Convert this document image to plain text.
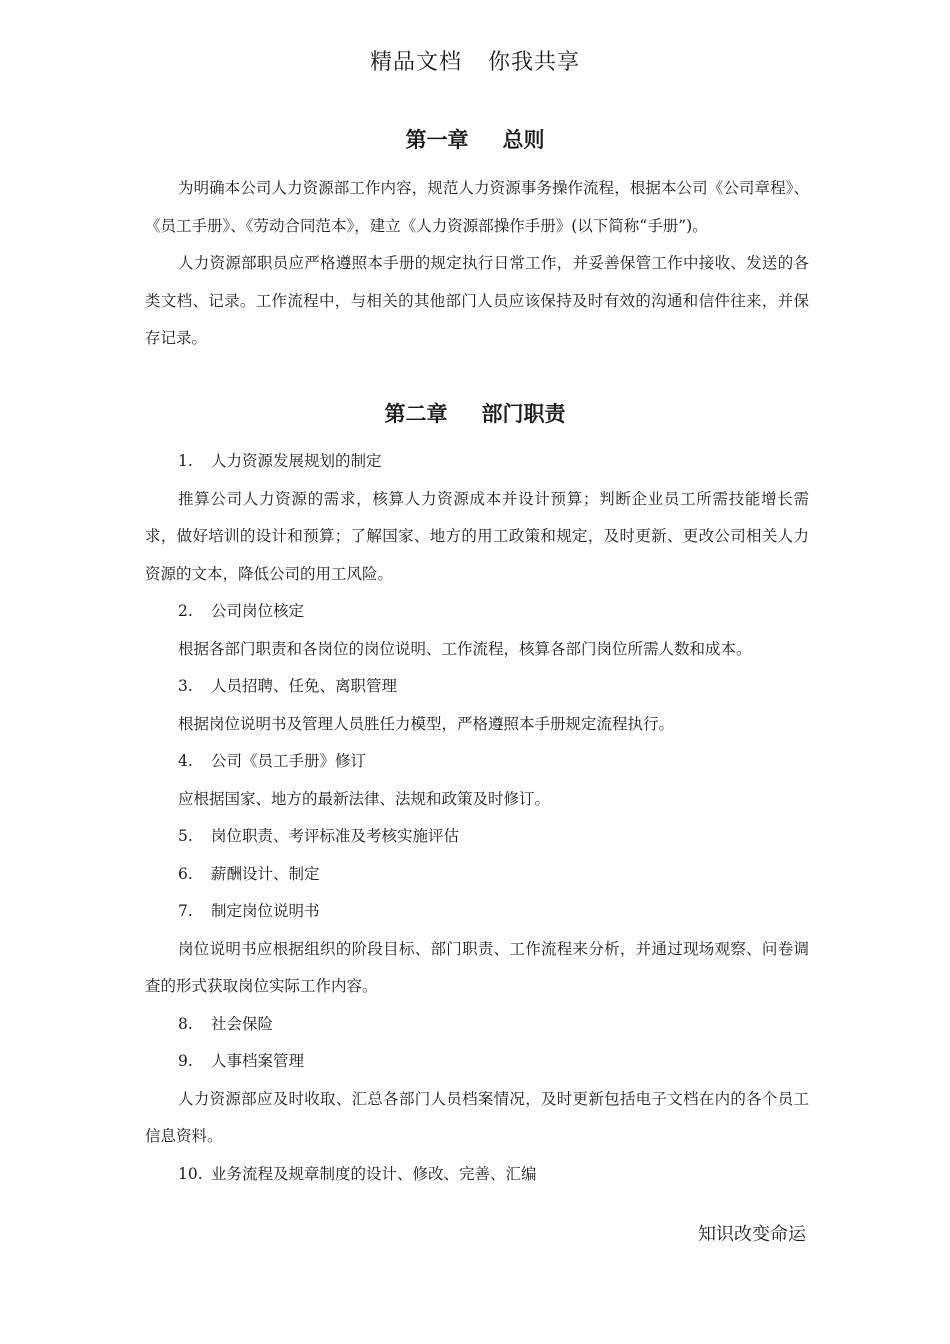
精品文档 你我共享
第一章 总则

为明确本公司人力资源部工作内容，规范人力资源事务操作流程，根据本公司《公司章程》、《员工手册》、《劳动合同范本》，建立《人力资源部操作手册》(以下简称“手册”)。

人力资源部职员应严格遵照本手册的规定执行日常工作，并妥善保管工作中接收、发送的各类文档、记录。工作流程中，与相关的其他部门人员应该保持及时有效的沟通和信件往来，并保存记录。

第二章 部门职责

1. 人力资源发展规划的制定

推算公司人力资源的需求，核算人力资源成本并设计预算；判断企业员工所需技能增长需求，做好培训的设计和预算；了解国家、地方的用工政策和规定，及时更新、更改公司相关人力资源的文本，降低公司的用工风险。

2. 公司岗位核定

根据各部门职责和各岗位的岗位说明、工作流程，核算各部门岗位所需人数和成本。

3. 人员招聘、任免、离职管理

根据岗位说明书及管理人员胜任力模型，严格遵照本手册规定流程执行。

4. 公司《员工手册》修订

应根据国家、地方的最新法律、法规和政策及时修订。

5. 岗位职责、考评标准及考核实施评估

6. 薪酬设计、制定

7. 制定岗位说明书

岗位说明书应根据组织的阶段目标、部门职责、工作流程来分析，并通过现场观察、问卷调查的形式获取岗位实际工作内容。

8. 社会保险

9. 人事档案管理

人力资源部应及时收取、汇总各部门人员档案情况，及时更新包括电子文档在内的各个员工信息资料。

10. 业务流程及规章制度的设计、修改、完善、汇编

知识改变命运
